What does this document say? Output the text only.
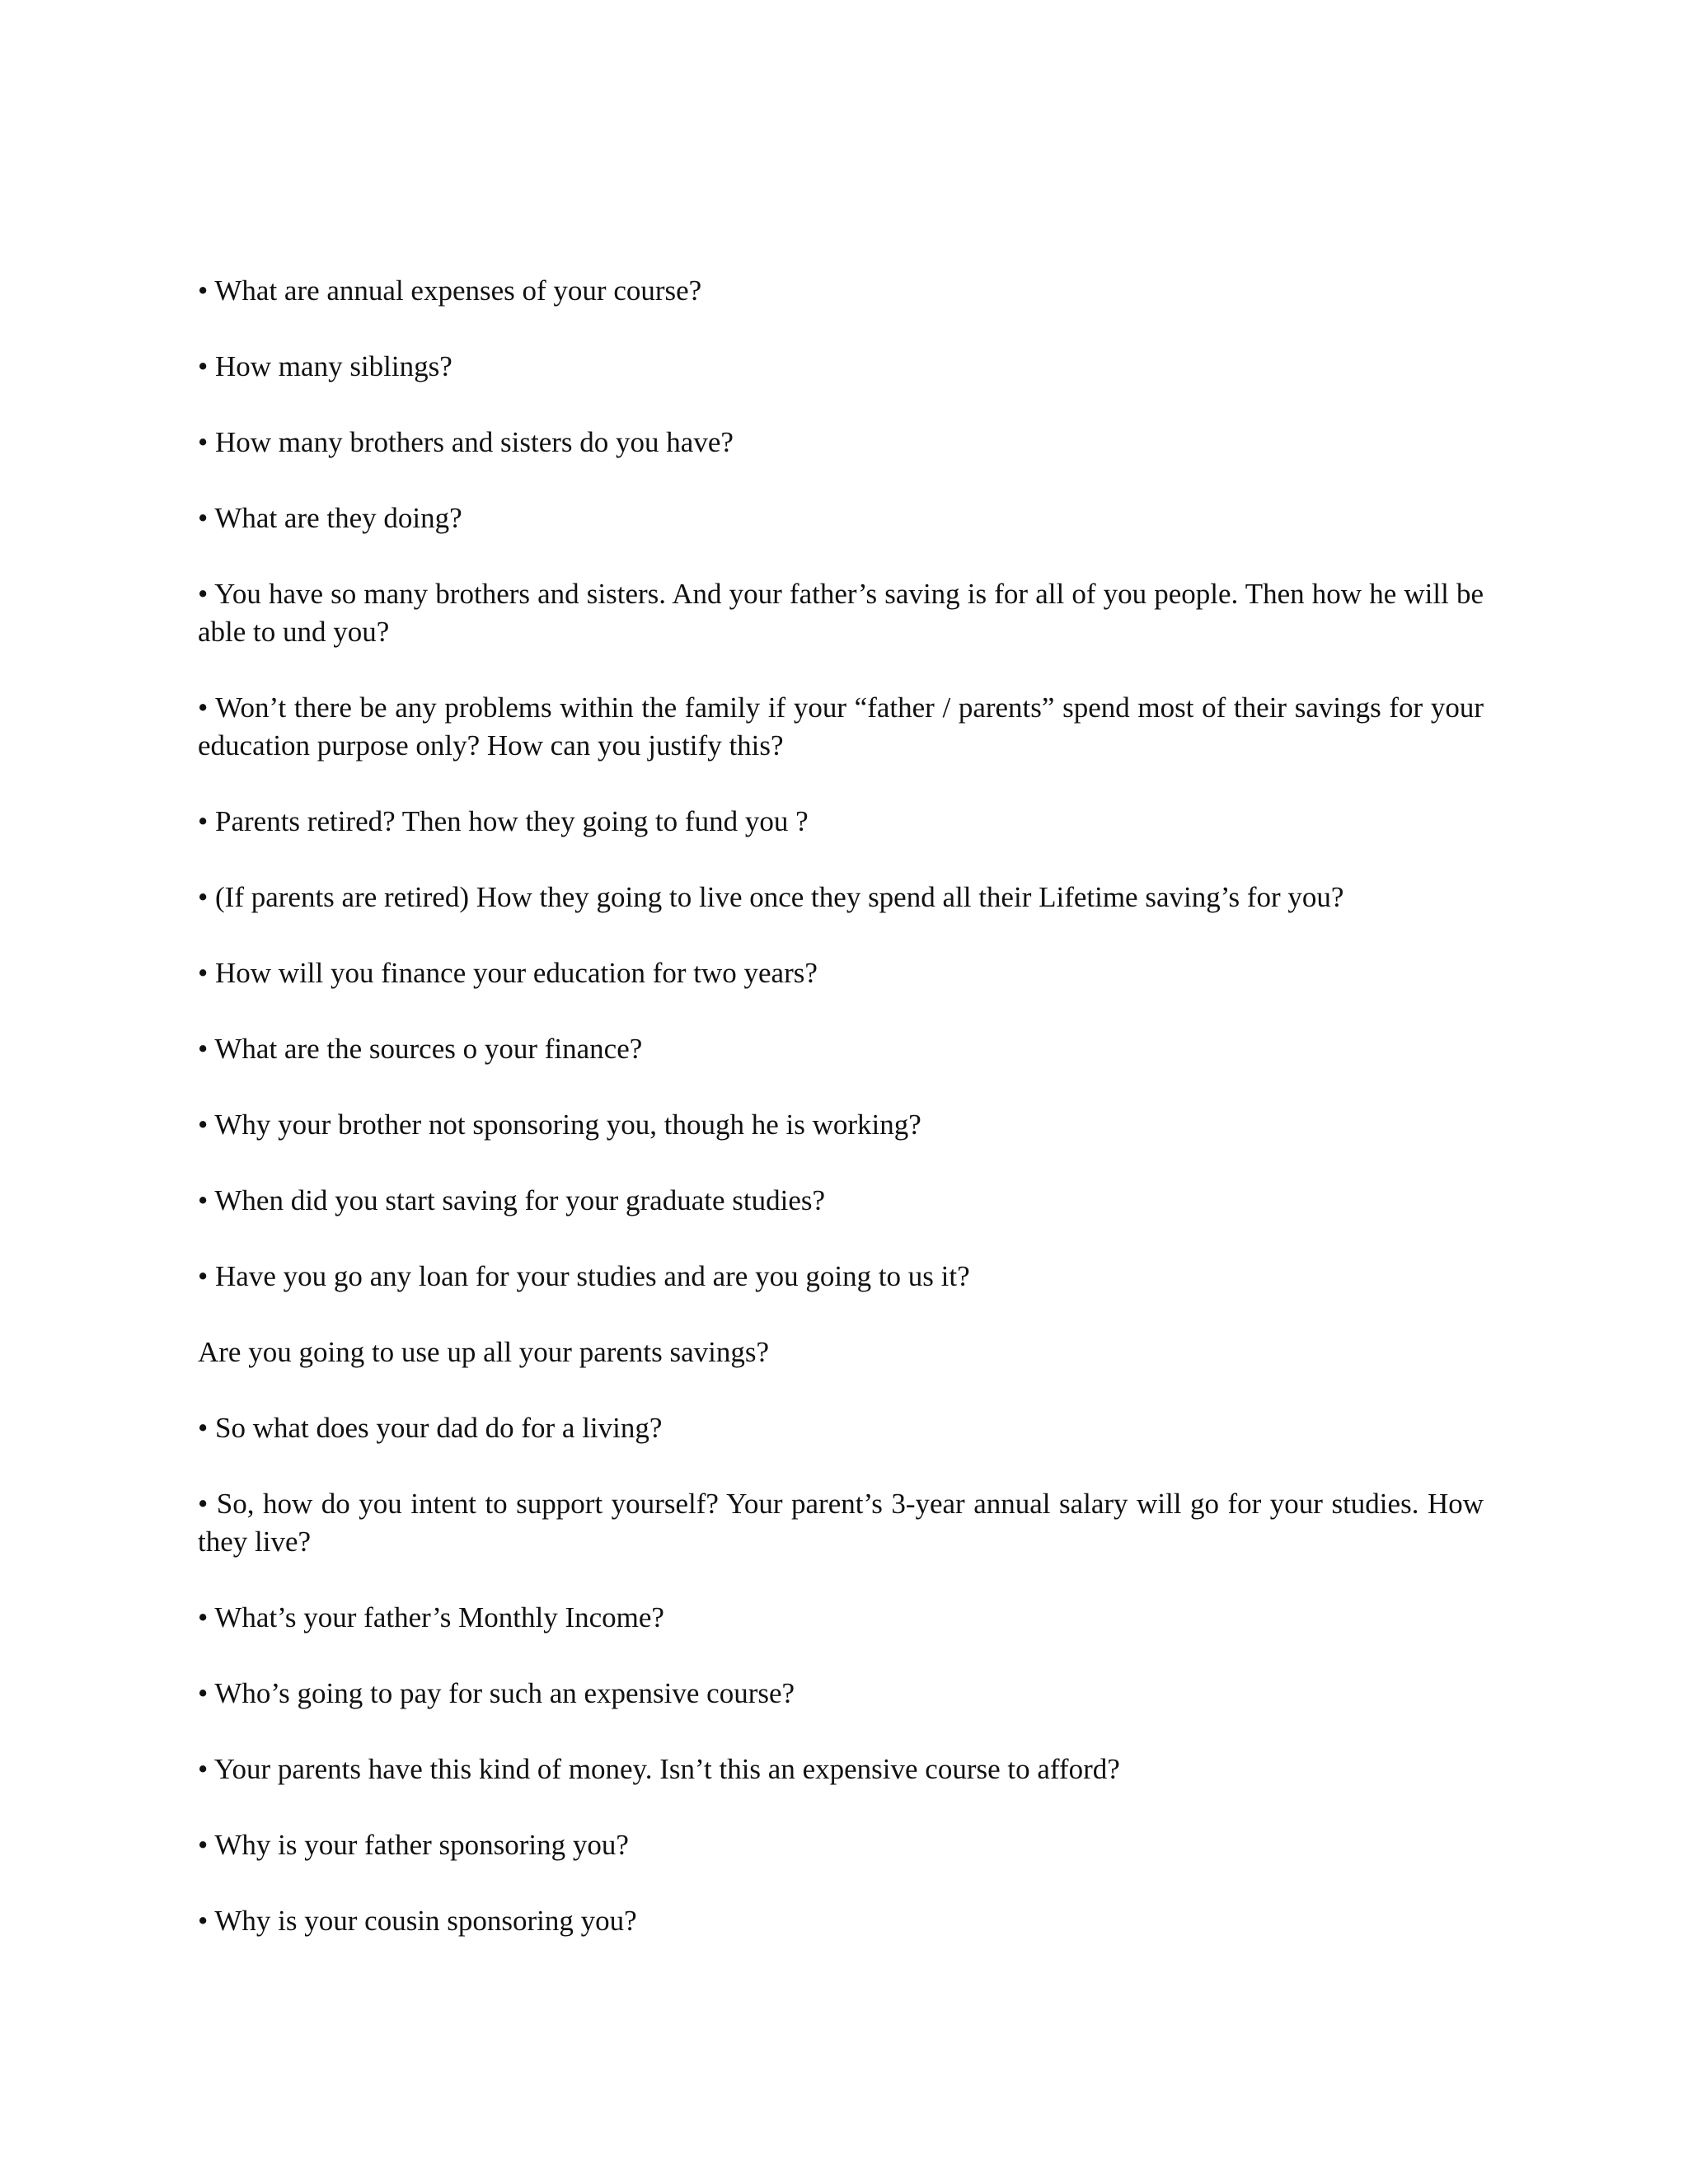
• What are annual expenses of your course?

• How many siblings?

• How many brothers and sisters do you have?

• What are they doing?

• You have so many brothers and sisters. And your father’s saving is for all of you people. Then how he will be able to und you?

• Won’t there be any problems within the family if your “father / parents” spend most of their savings for your education purpose only? How can you justify this?

• Parents retired? Then how they going to fund you ?

• (If parents are retired) How they going to live once they spend all their Lifetime saving’s for you?

• How will you finance your education for two years?

• What are the sources o your finance?

• Why your brother not sponsoring you, though he is working?

• When did you start saving for your graduate studies?

• Have you go any loan for your studies and are you going to us it?

Are you going to use up all your parents savings?

• So what does your dad do for a living?

• So, how do you intent to support yourself? Your parent’s 3-year annual salary will go for your studies. How they live?

• What’s your father’s Monthly Income?

• Who’s going to pay for such an expensive course?

• Your parents have this kind of money. Isn’t this an expensive course to afford?

• Why is your father sponsoring you?

• Why is your cousin sponsoring you?
